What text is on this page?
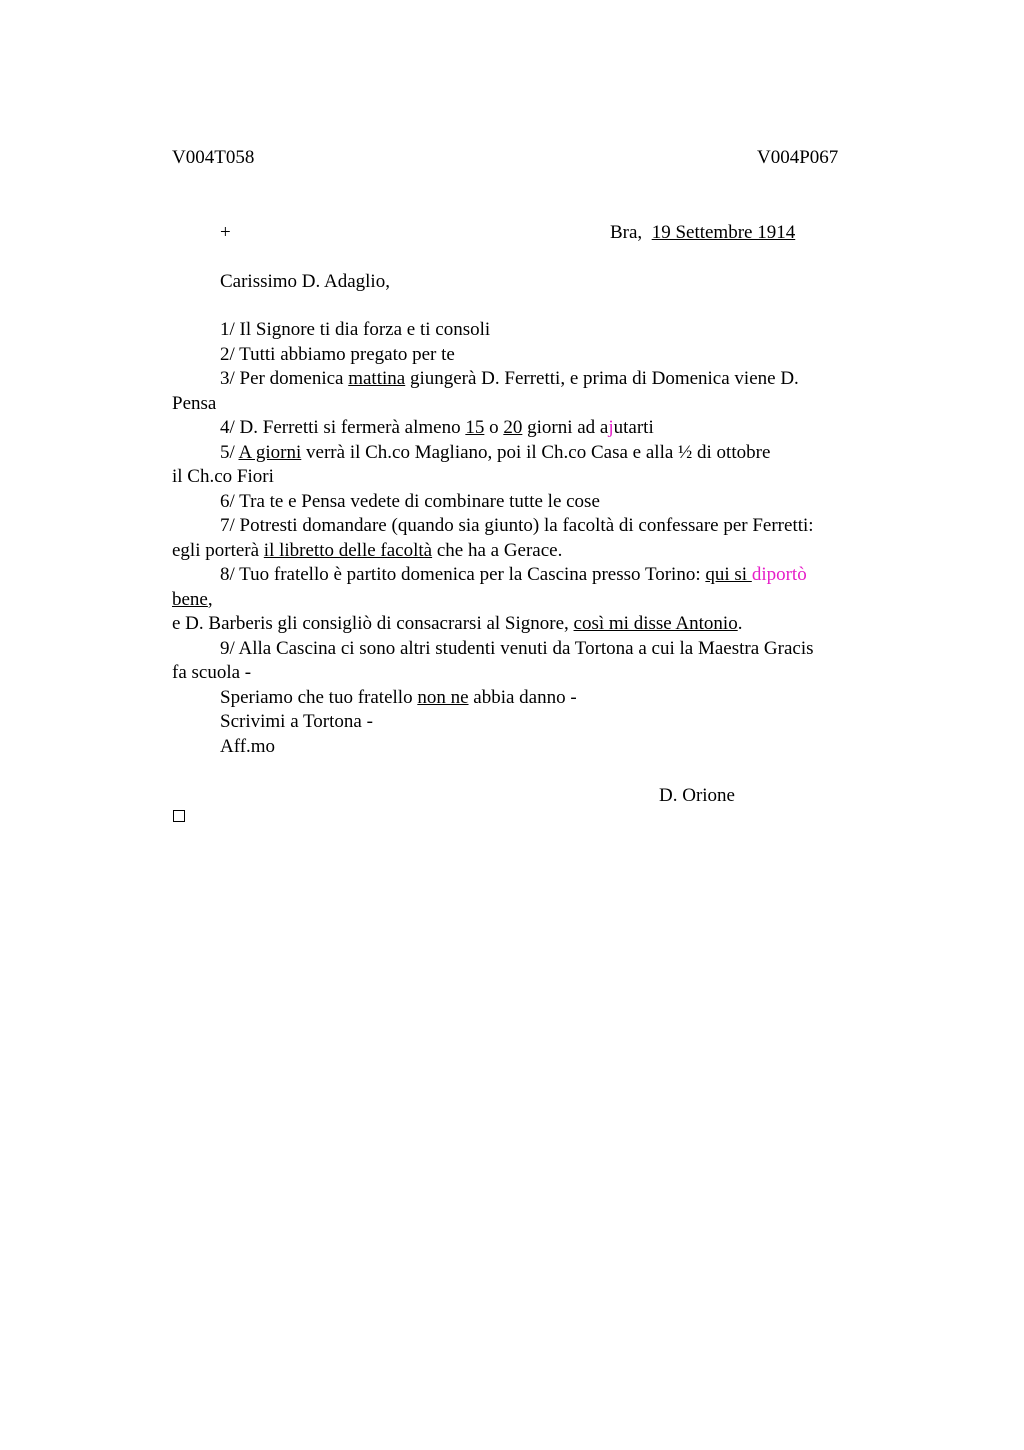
V004T058	V004P067
+	Bra, 19 Settembre 1914
Carissimo D. Adaglio,
1/ Il Signore ti dia forza e ti consoli
2/ Tutti abbiamo pregato per te
3/ Per domenica mattina giungerà D. Ferretti, e prima di Domenica viene D.
Pensa
4/ D. Ferretti si fermerà almeno 15 o 20 giorni ad ajutarti
5/ A giorni verrà il Ch.co Magliano, poi il Ch.co Casa e alla ½ di ottobre
il Ch.co Fiori
6/ Tra te e Pensa vedete di combinare tutte le cose
7/ Potresti domandare (quando sia giunto) la facoltà di confessare per Ferretti:
egli porterà il libretto delle facoltà che ha a Gerace.
8/ Tuo fratello è partito domenica per la Cascina presso Torino: qui si diportò
bene,
e D. Barberis gli consigliò di consacrarsi al Signore, così mi disse Antonio.
9/ Alla Cascina ci sono altri studenti venuti da Tortona a cui la Maestra Gracis
fa scuola -
Speriamo che tuo fratello non ne abbia danno -
Scrivimi a Tortona -
Aff.mo
D. Orione
